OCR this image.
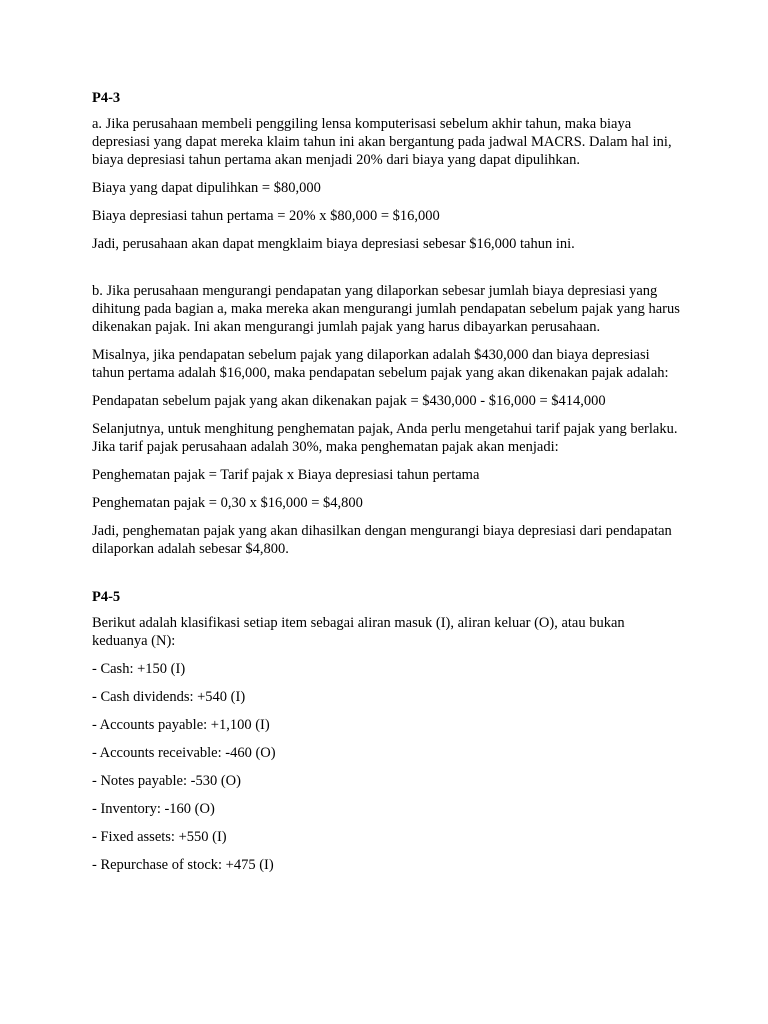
P4-3

a. Jika perusahaan membeli penggiling lensa komputerisasi sebelum akhir tahun, maka biaya depresiasi yang dapat mereka klaim tahun ini akan bergantung pada jadwal MACRS. Dalam hal ini, biaya depresiasi tahun pertama akan menjadi 20% dari biaya yang dapat dipulihkan.

Biaya yang dapat dipulihkan = $80,000

Biaya depresiasi tahun pertama = 20% x $80,000 = $16,000

Jadi, perusahaan akan dapat mengklaim biaya depresiasi sebesar $16,000 tahun ini.

b. Jika perusahaan mengurangi pendapatan yang dilaporkan sebesar jumlah biaya depresiasi yang dihitung pada bagian a, maka mereka akan mengurangi jumlah pendapatan sebelum pajak yang harus dikenakan pajak. Ini akan mengurangi jumlah pajak yang harus dibayarkan perusahaan.

Misalnya, jika pendapatan sebelum pajak yang dilaporkan adalah $430,000 dan biaya depresiasi tahun pertama adalah $16,000, maka pendapatan sebelum pajak yang akan dikenakan pajak adalah:

Pendapatan sebelum pajak yang akan dikenakan pajak = $430,000 - $16,000 = $414,000

Selanjutnya, untuk menghitung penghematan pajak, Anda perlu mengetahui tarif pajak yang berlaku. Jika tarif pajak perusahaan adalah 30%, maka penghematan pajak akan menjadi:

Penghematan pajak = Tarif pajak x Biaya depresiasi tahun pertama

Penghematan pajak = 0,30 x $16,000 = $4,800

Jadi, penghematan pajak yang akan dihasilkan dengan mengurangi biaya depresiasi dari pendapatan dilaporkan adalah sebesar $4,800.

P4-5

Berikut adalah klasifikasi setiap item sebagai aliran masuk (I), aliran keluar (O), atau bukan keduanya (N):

- Cash: +150 (I)
- Cash dividends: +540 (I)
- Accounts payable: +1,100 (I)
- Accounts receivable: -460 (O)
- Notes payable: -530 (O)
- Inventory: -160 (O)
- Fixed assets: +550 (I)
- Repurchase of stock: +475 (I)
